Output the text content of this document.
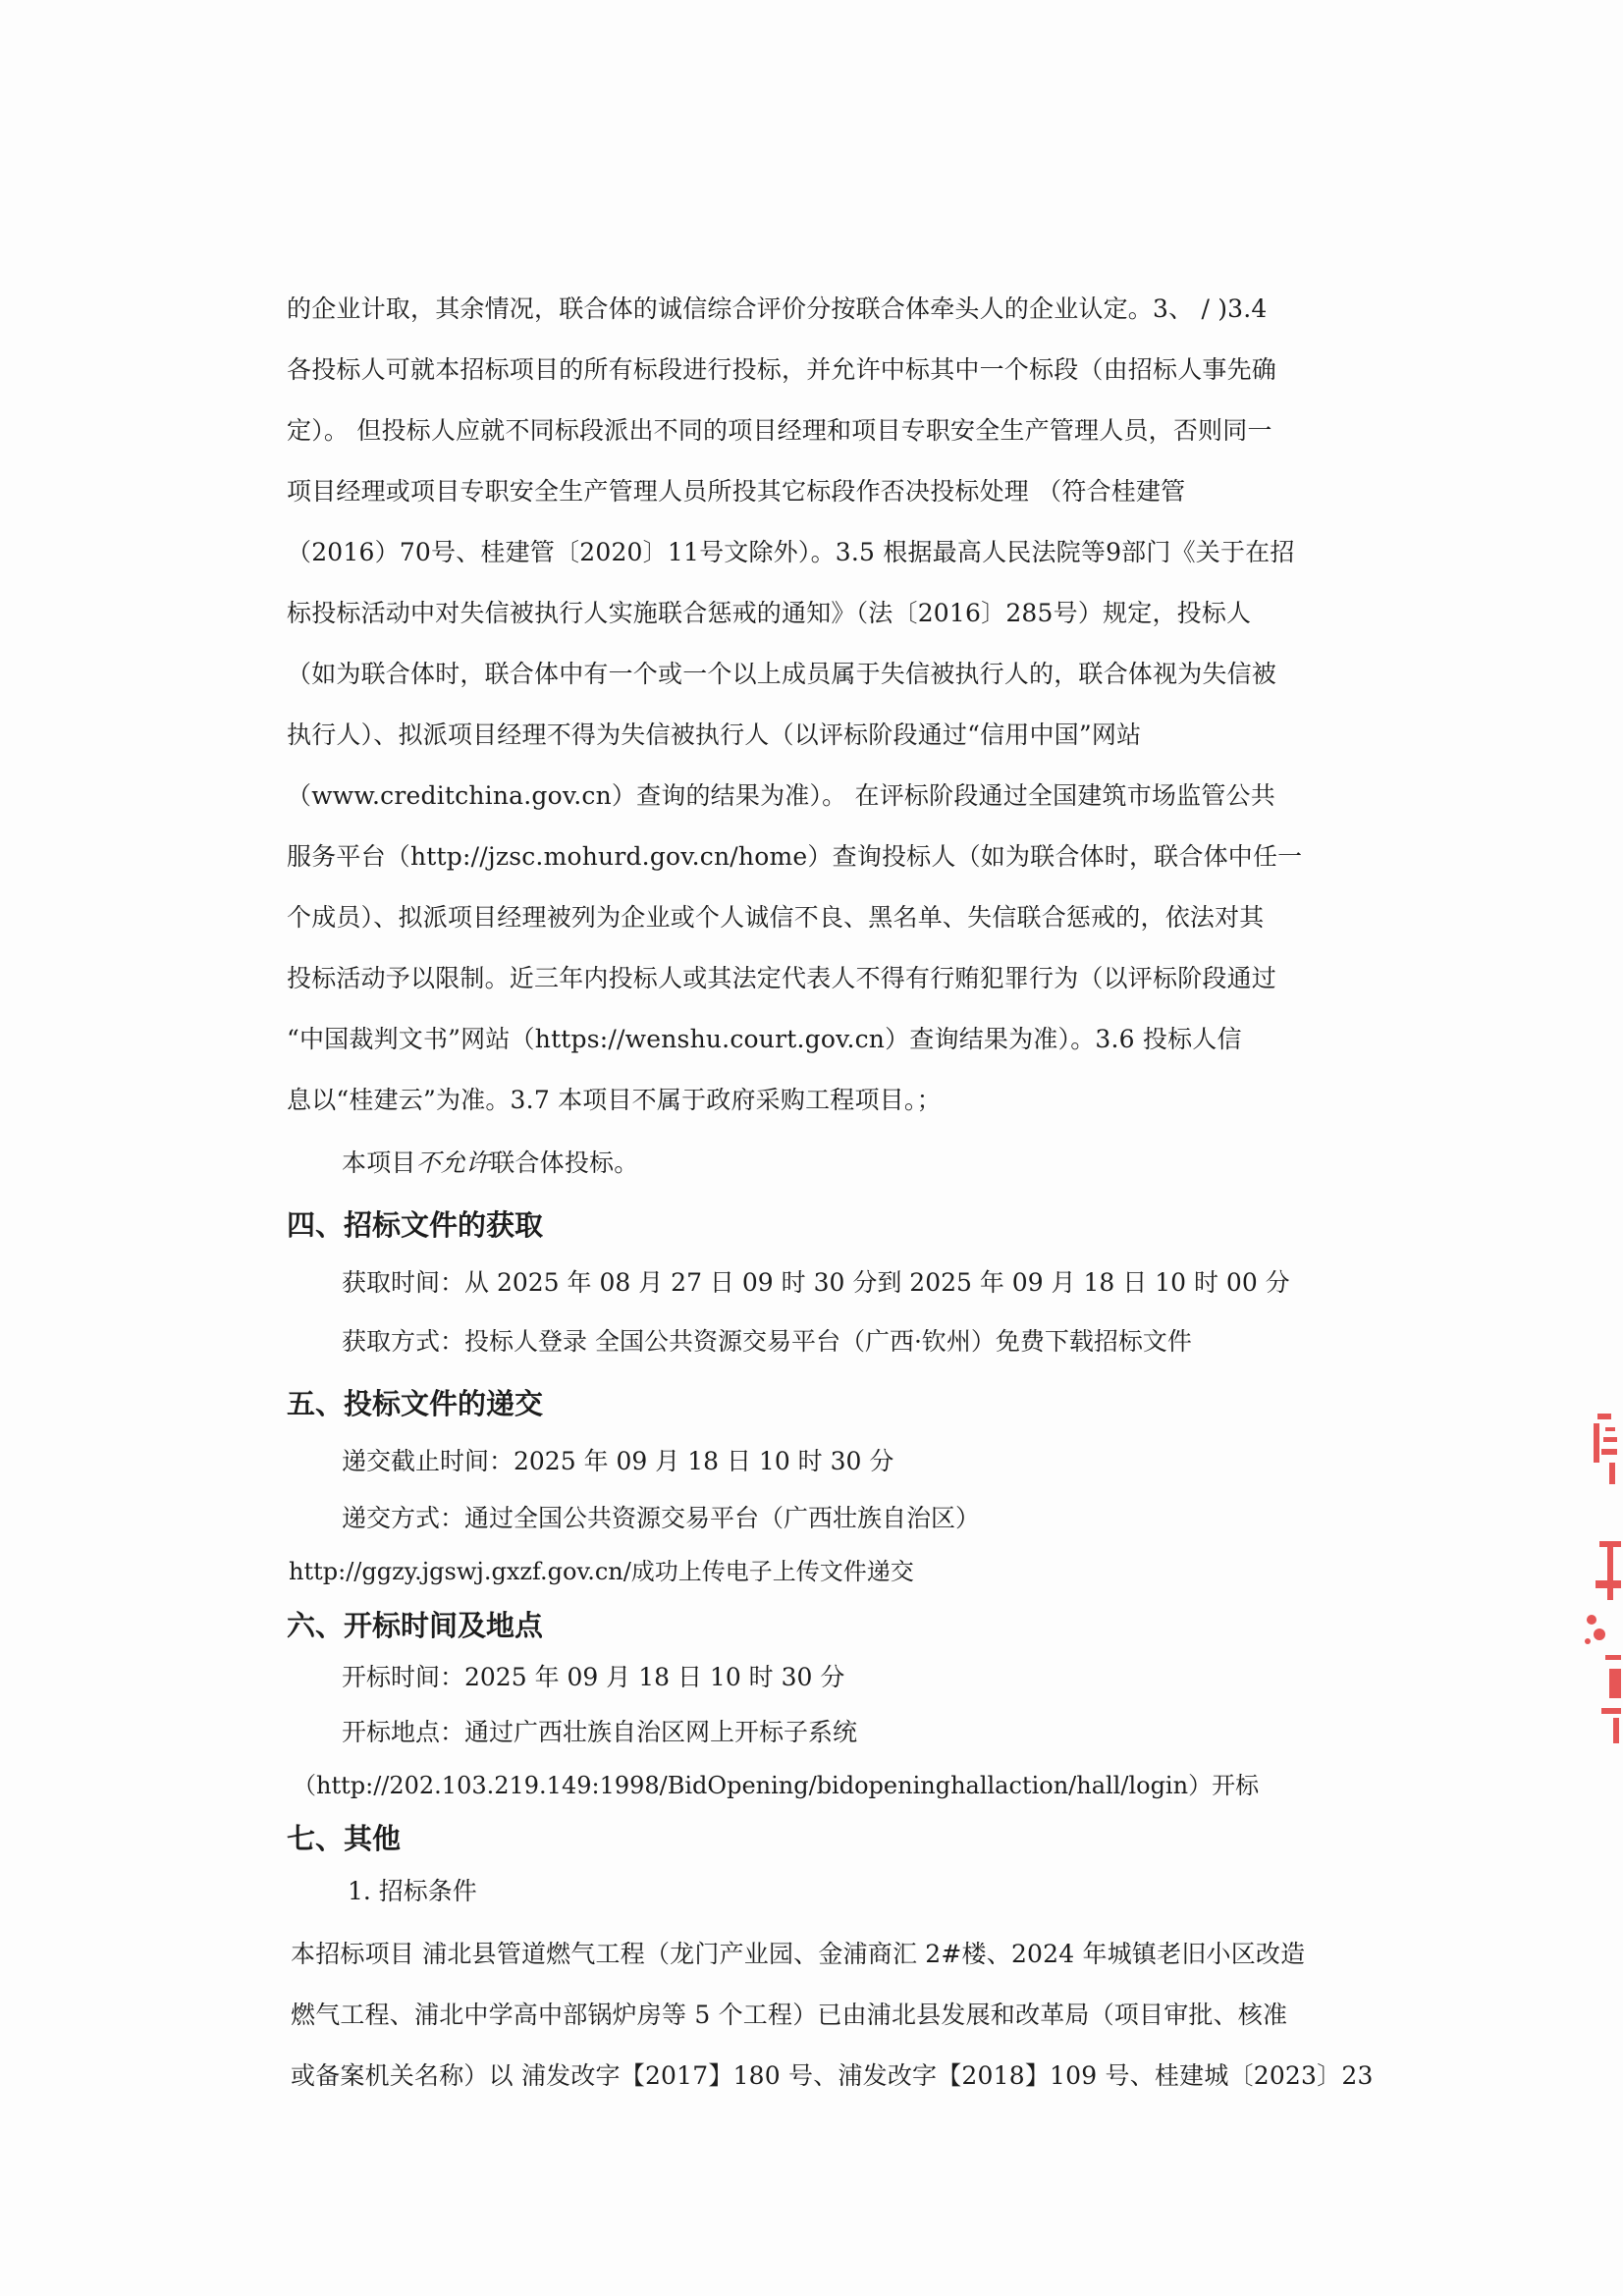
的企业计取，其余情况，联合体的诚信综合评价分按联合体牵头人的企业认定。3、 / )3.4
各投标人可就本招标项目的所有标段进行投标，并允许中标其中一个标段（由招标人事先确
定）。 但投标人应就不同标段派出不同的项目经理和项目专职安全生产管理人员，否则同一
项目经理或项目专职安全生产管理人员所投其它标段作否决投标处理 （符合桂建管
（2016）70号、桂建管〔2020〕11号文除外）。3.5 根据最高人民法院等9部门《关于在招
标投标活动中对失信被执行人实施联合惩戒的通知》（法〔2016〕285号）规定，投标人
（如为联合体时，联合体中有一个或一个以上成员属于失信被执行人的，联合体视为失信被
执行人）、拟派项目经理不得为失信被执行人（以评标阶段通过“信用中国”网站
（www.creditchina.gov.cn）查询的结果为准）。 在评标阶段通过全国建筑市场监管公共
服务平台（http://jzsc.mohurd.gov.cn/home）查询投标人（如为联合体时，联合体中任一
个成员）、拟派项目经理被列为企业或个人诚信不良、黑名单、失信联合惩戒的，依法对其
投标活动予以限制。近三年内投标人或其法定代表人不得有行贿犯罪行为（以评标阶段通过
“中国裁判文书”网站（https://wenshu.court.gov.cn）查询结果为准）。3.6 投标人信
息以“桂建云”为准。3.7 本项目不属于政府采购工程项目。；
本项目不允许联合体投标。
四、招标文件的获取
获取时间：从 2025 年 08 月 27 日 09 时 30 分到 2025 年 09 月 18 日 10 时 00 分
获取方式：投标人登录 全国公共资源交易平台（广西·钦州）免费下载招标文件
五、投标文件的递交
递交截止时间：2025 年 09 月 18 日 10 时 30 分
递交方式：通过全国公共资源交易平台（广西壮族自治区）
http://ggzy.jgswj.gxzf.gov.cn/成功上传电子上传文件递交
六、开标时间及地点
开标时间：2025 年 09 月 18 日 10 时 30 分
开标地点：通过广西壮族自治区网上开标子系统
（http://202.103.219.149:1998/BidOpening/bidopeninghallaction/hall/login）开标
七、其他
1. 招标条件
本招标项目 浦北县管道燃气工程（龙门产业园、金浦商汇 2#楼、2024 年城镇老旧小区改造
燃气工程、浦北中学高中部锅炉房等 5 个工程）已由浦北县发展和改革局（项目审批、核准
或备案机关名称）以 浦发改字【2017】180 号、浦发改字【2018】109 号、桂建城〔2023〕23
